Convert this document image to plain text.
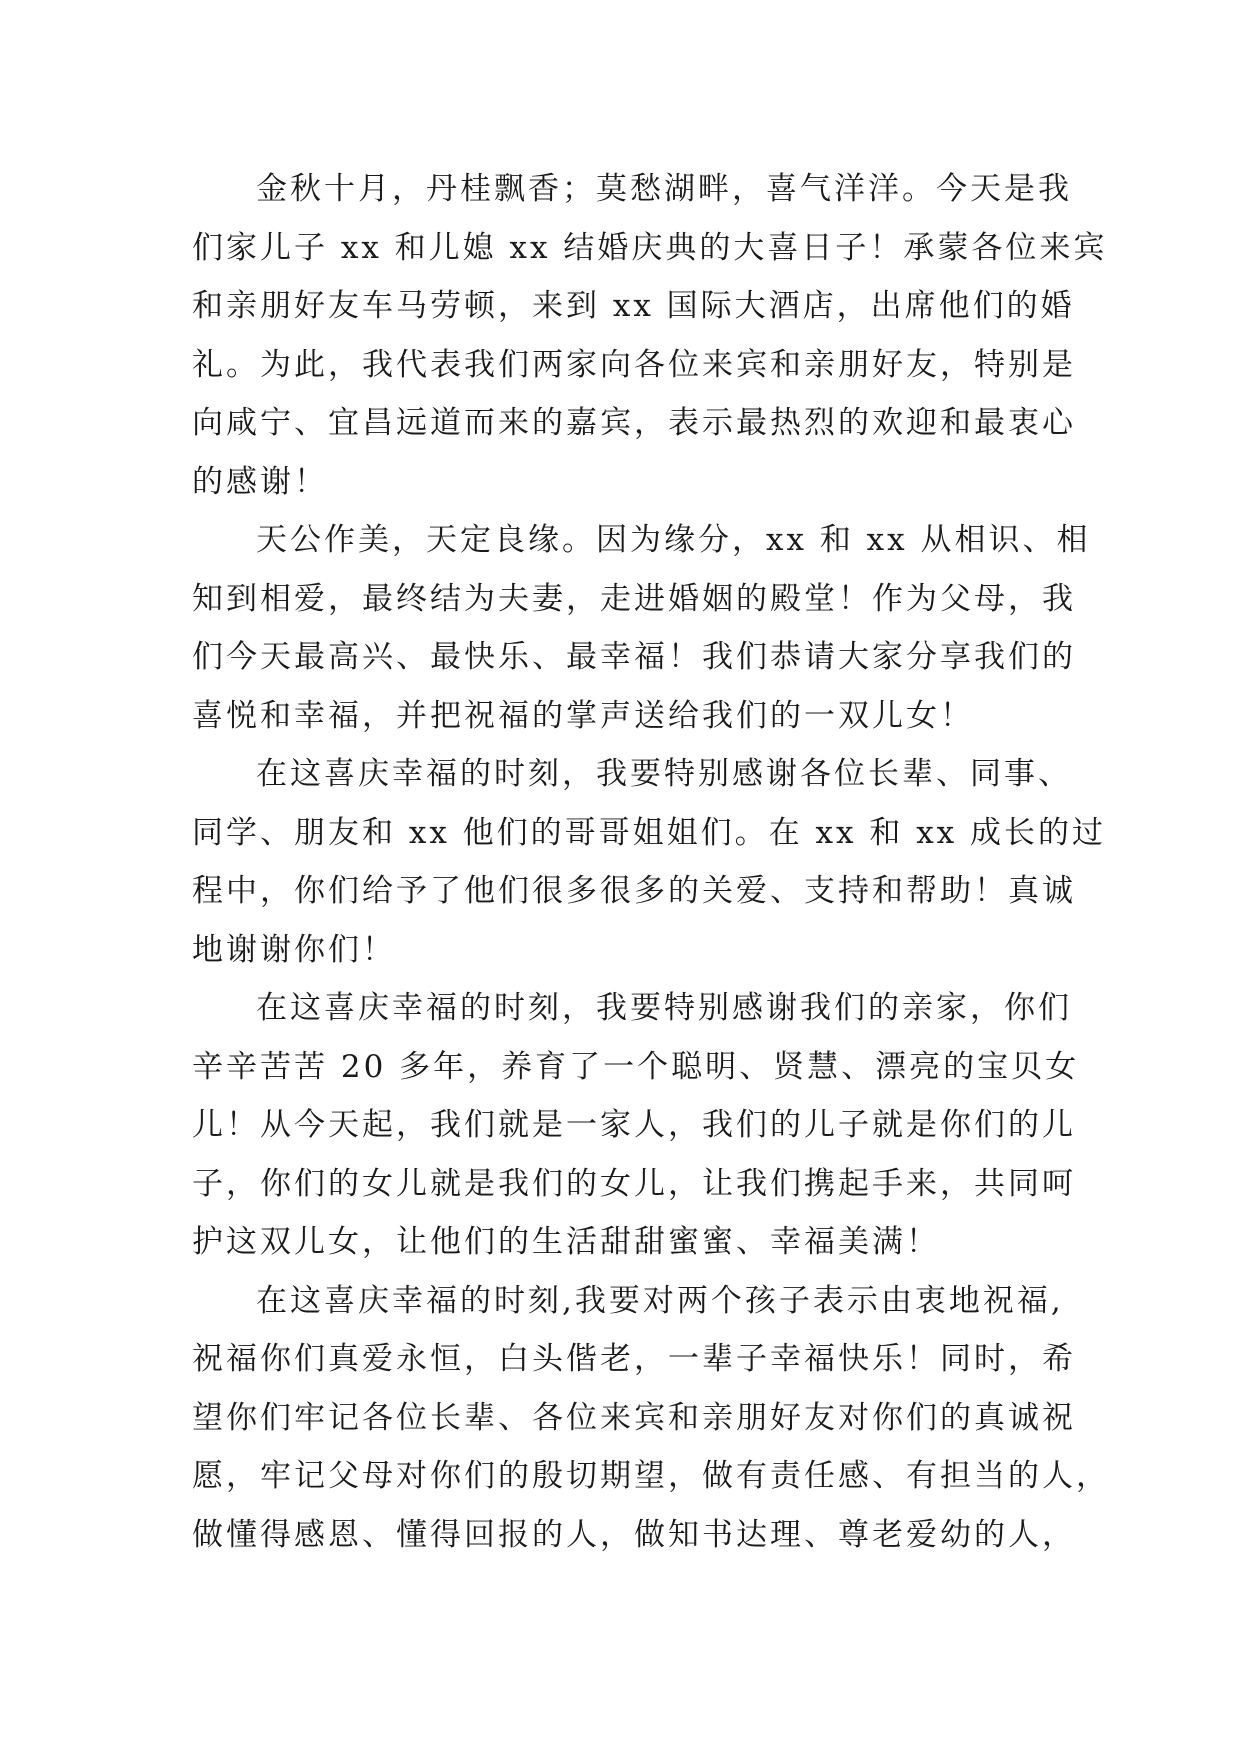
金秋十月，丹桂飘香；莫愁湖畔，喜气洋洋。今天是我
们家儿子 xx 和儿媳 xx 结婚庆典的大喜日子！承蒙各位来宾
和亲朋好友车马劳顿，来到 xx 国际大酒店，出席他们的婚
礼。为此，我代表我们两家向各位来宾和亲朋好友，特别是
向咸宁、宜昌远道而来的嘉宾，表示最热烈的欢迎和最衷心
的感谢！
天公作美，天定良缘。因为缘分，xx 和 xx 从相识、相
知到相爱，最终结为夫妻，走进婚姻的殿堂！作为父母，我
们今天最高兴、最快乐、最幸福！我们恭请大家分享我们的
喜悦和幸福，并把祝福的掌声送给我们的一双儿女！
在这喜庆幸福的时刻，我要特别感谢各位长辈、同事、
同学、朋友和 xx 他们的哥哥姐姐们。在 xx 和 xx 成长的过
程中，你们给予了他们很多很多的关爱、支持和帮助！真诚
地谢谢你们！
在这喜庆幸福的时刻，我要特别感谢我们的亲家，你们
辛辛苦苦 20 多年，养育了一个聪明、贤慧、漂亮的宝贝女
儿！从今天起，我们就是一家人，我们的儿子就是你们的儿
子，你们的女儿就是我们的女儿，让我们携起手来，共同呵
护这双儿女，让他们的生活甜甜蜜蜜、幸福美满！
在这喜庆幸福的时刻,我要对两个孩子表示由衷地祝福,
祝福你们真爱永恒，白头偕老，一辈子幸福快乐！同时，希
望你们牢记各位长辈、各位来宾和亲朋好友对你们的真诚祝
愿，牢记父母对你们的殷切期望，做有责任感、有担当的人，
做懂得感恩、懂得回报的人，做知书达理、尊老爱幼的人，
